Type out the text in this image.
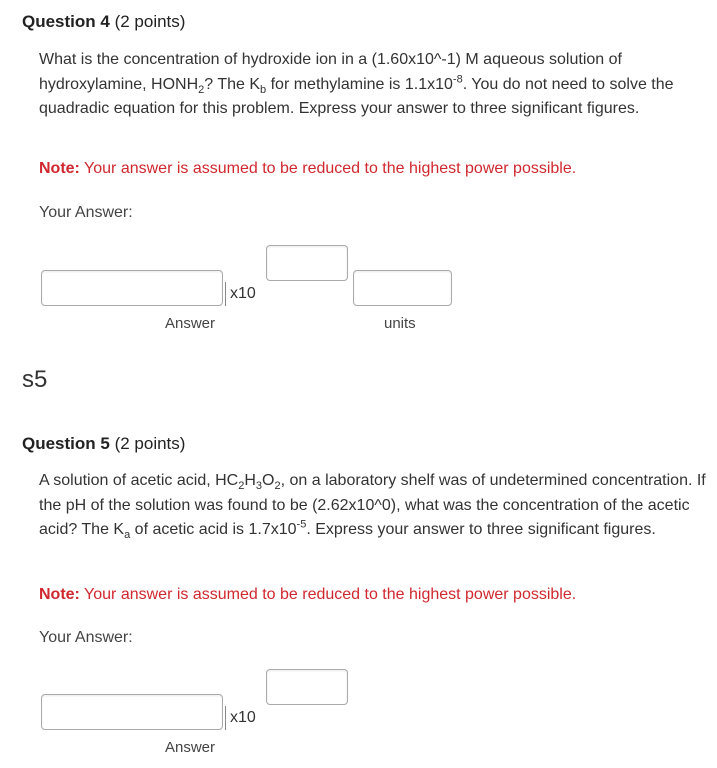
Question 4 (2 points)
What is the concentration of hydroxide ion in a (1.60x10^-1) M aqueous solution of hydroxylamine, $HONH_2$? The $K_b$ for methylamine is $1.1x10^{-8}$. You do not need to solve the quadradic equation for this problem. Express your answer to three significant figures.
Note: Your answer is assumed to be reduced to the highest power possible.
Your Answer:
x10
Answer	units
s5
Question 5 (2 points)
A solution of acetic acid, $HC_2H_3O_2$, on a laboratory shelf was of undetermined concentration. If the pH of the solution was found to be (2.62x10^0), what was the concentration of the acetic acid? The $K_a$ of acetic acid is $1.7x10^{-5}$. Express your answer to three significant figures.
Note: Your answer is assumed to be reduced to the highest power possible.
Your Answer:
x10
Answer
